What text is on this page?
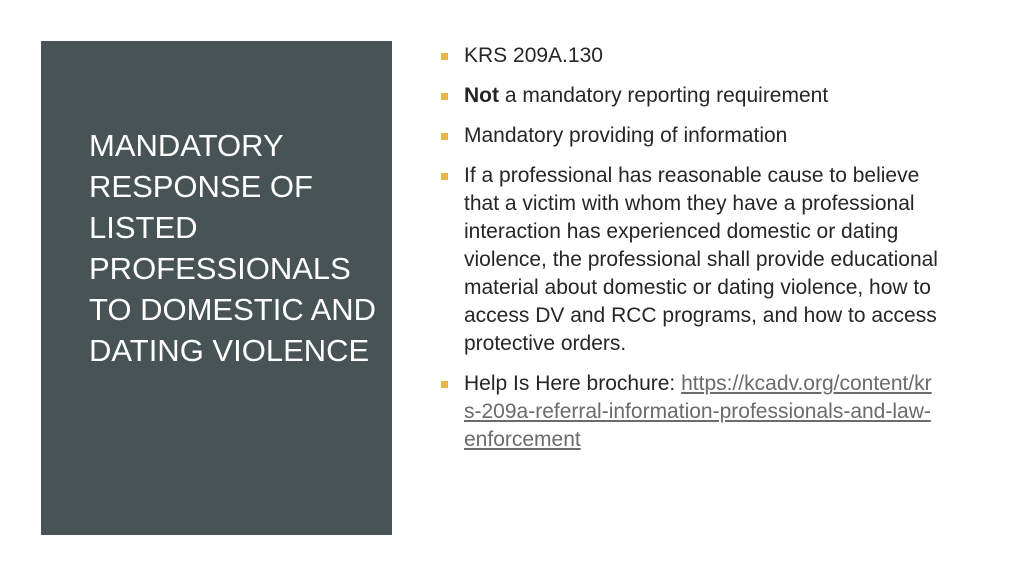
MANDATORY RESPONSE OF LISTED PROFESSIONALS TO DOMESTIC AND DATING VIOLENCE
KRS 209A.130
Not a mandatory reporting requirement
Mandatory providing of information
If a professional has reasonable cause to believe that a victim with whom they have a professional interaction has experienced domestic or dating violence, the professional shall provide educational material about domestic or dating violence, how to access DV and RCC programs, and how to access protective orders.
Help Is Here brochure: https://kcadv.org/content/krs-209a-referral-information-professionals-and-law-enforcement
